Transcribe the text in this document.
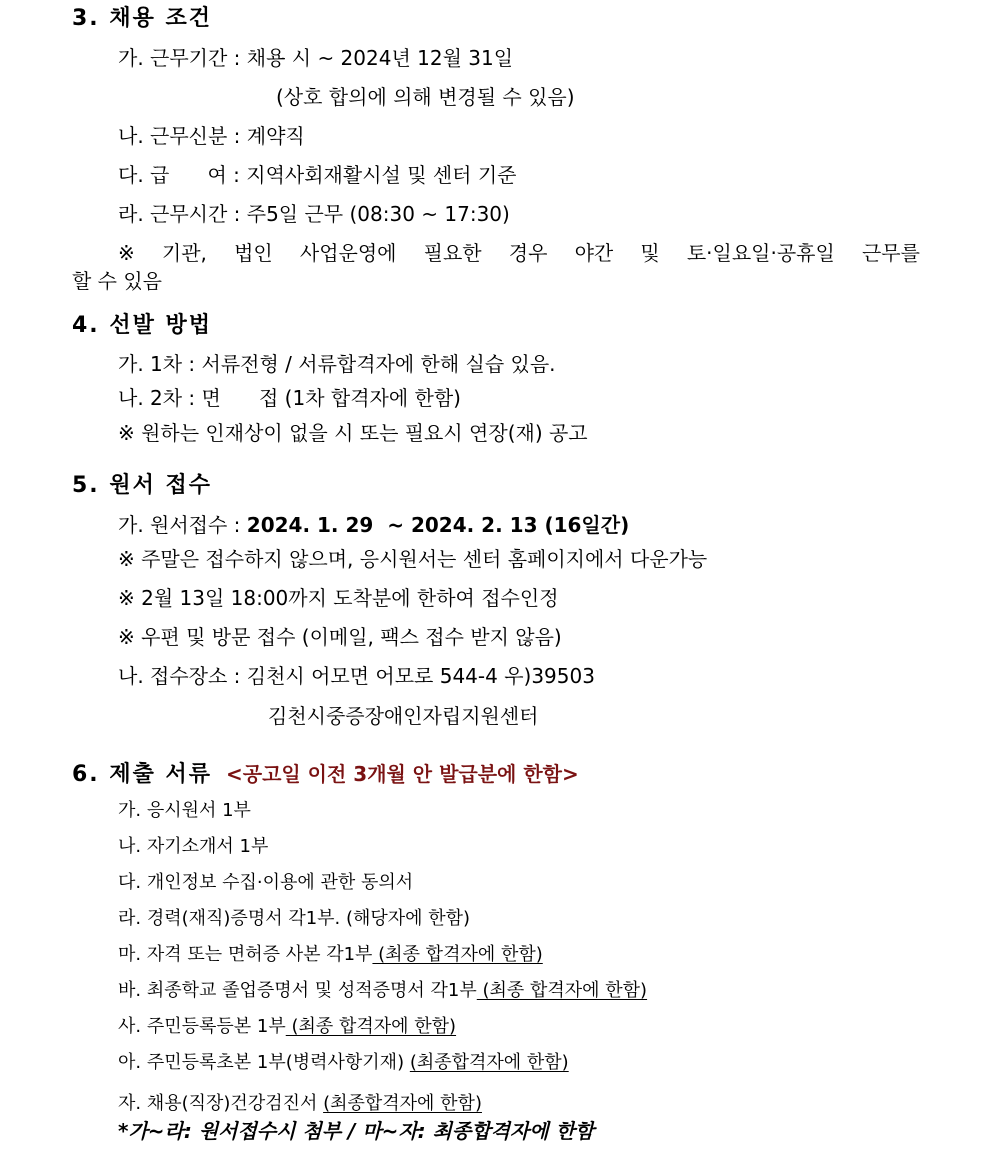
3. 채용 조건
가. 근무기간 : 채용 시 ~ 2024년 12월 31일
(상호 합의에 의해 변경될 수 있음)
나. 근무신분 : 계약직
다. 급      여 : 지역사회재활시설 및 센터 기준
라. 근무시간 : 주5일 근무 (08:30 ~ 17:30)
※ 기관, 법인 사업운영에 필요한 경우 야간 및 토·일요일·공휴일 근무를
할 수 있음
4. 선발 방법
가. 1차 : 서류전형 / 서류합격자에 한해 실습 있음.
나. 2차 : 면      접 (1차 합격자에 한함)
※ 원하는 인재상이 없을 시 또는 필요시 연장(재) 공고
5. 원서 접수
가. 원서접수 : 2024. 1. 29  ~ 2024. 2. 13 (16일간)
※ 주말은 접수하지 않으며, 응시원서는 센터 홈페이지에서 다운가능
※ 2월 13일 18:00까지 도착분에 한하여 접수인정
※ 우편 및 방문 접수 (이메일, 팩스 접수 받지 않음)
나. 접수장소 : 김천시 어모면 어모로 544-4 우)39503
김천시중증장애인자립지원센터
6. 제출 서류 <공고일 이전 3개월 안 발급분에 한함>
가. 응시원서 1부
나. 자기소개서 1부
다. 개인정보 수집·이용에 관한 동의서
라. 경력(재직)증명서 각1부. (해당자에 한함)
마. 자격 또는 면허증 사본 각1부 (최종 합격자에 한함)
바. 최종학교 졸업증명서 및 성적증명서 각1부 (최종 합격자에 한함)
사. 주민등록등본 1부 (최종 합격자에 한함)
아. 주민등록초본 1부(병력사항기재) (최종합격자에 한함)
자. 채용(직장)건강검진서 (최종합격자에 한함)
*가~라: 원서접수시 첨부 / 마~자: 최종합격자에 한함
